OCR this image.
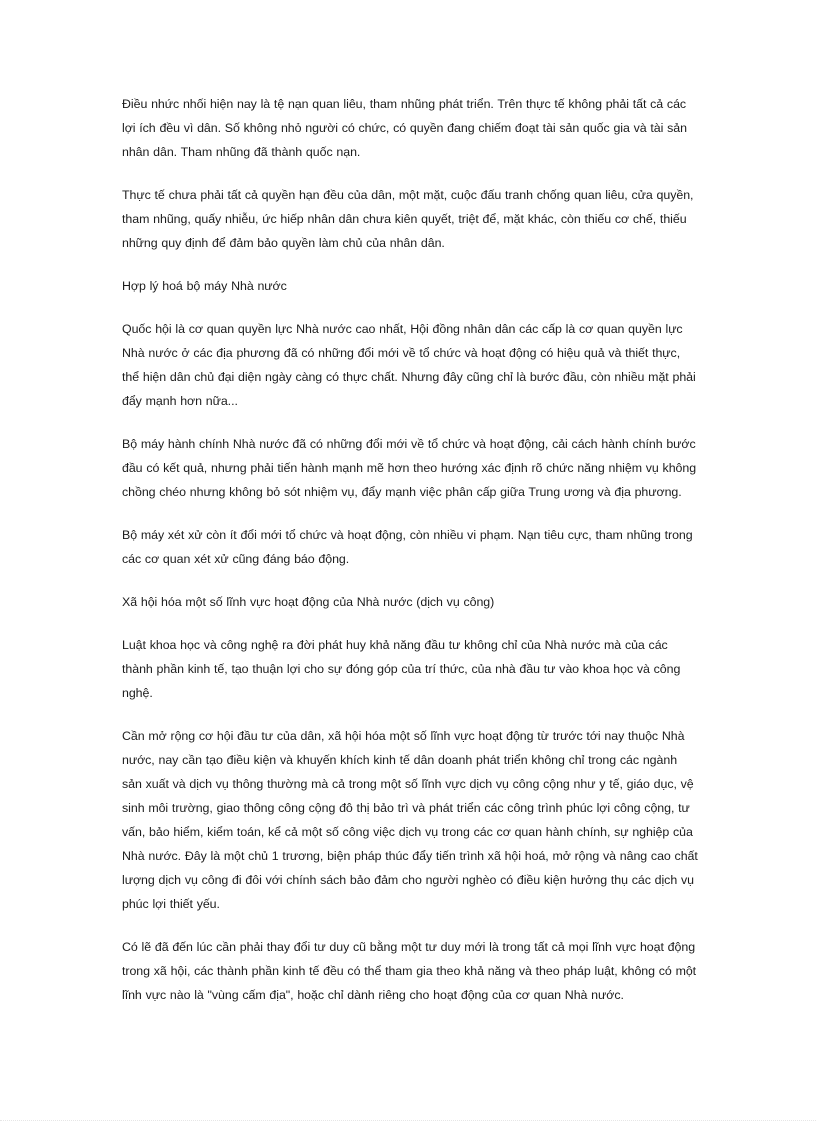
Điều nhức nhối hiện nay là tệ nạn quan liêu, tham nhũng phát triển. Trên thực tế không phải tất cả các lợi ích đều vì dân. Số không nhỏ người có chức, có quyền đang chiếm đoạt tài sản quốc gia và tài sản nhân dân. Tham nhũng đã thành quốc nạn.

Thực tế chưa phải tất cả quyền hạn đều của dân, một mặt, cuộc đấu tranh chống quan liêu, cửa quyền, tham nhũng, quấy nhiễu, ức hiếp nhân dân chưa kiên quyết, triệt để, mặt khác, còn thiếu cơ chế, thiếu những quy định để đảm bảo quyền làm chủ của nhân dân.

Hợp lý hoá bộ máy Nhà nước

Quốc hội là cơ quan quyền lực Nhà nước cao nhất, Hội đồng nhân dân các cấp là cơ quan quyền lực Nhà nước ở các địa phương đã có những đổi mới về tổ chức và hoạt động có hiệu quả và thiết thực, thể hiện dân chủ đại diện ngày càng có thực chất. Nhưng đây cũng chỉ là bước đầu, còn nhiều mặt phải đẩy mạnh hơn nữa...

Bộ máy hành chính Nhà nước đã có những đổi mới về tổ chức và hoạt động, cải cách hành chính bước đầu có kết quả, nhưng phải tiến hành mạnh mẽ hơn theo hướng xác định rõ chức năng nhiệm vụ không chồng chéo nhưng không bỏ sót nhiệm vụ, đẩy mạnh việc phân cấp giữa Trung ương và địa phương.

Bộ máy xét xử còn ít đổi mới tổ chức và hoạt động, còn nhiều vi phạm. Nạn tiêu cực, tham nhũng trong các cơ quan xét xử cũng đáng báo động.

Xã hội hóa một số lĩnh vực hoạt động của Nhà nước (dịch vụ công)

Luật khoa học và công nghệ ra đời phát huy khả năng đầu tư không chỉ của Nhà nước mà của các thành phần kinh tế, tạo thuận lợi cho sự đóng góp của trí thức, của nhà đầu tư vào khoa học và công nghệ.

Cần mở rộng cơ hội đầu tư của dân, xã hội hóa một số lĩnh vực hoạt động từ trước tới nay thuộc Nhà nước, nay cần tạo điều kiện và khuyến khích kinh tế dân doanh phát triển không chỉ trong các ngành sản xuất và dịch vụ thông thường mà cả trong một số lĩnh vực dịch vụ công cộng như y tế, giáo dục, vệ sinh môi trường, giao thông công cộng đô thị bảo trì và phát triển các công trình phúc lợi công cộng, tư vấn, bảo hiểm, kiểm toán, kể cả một số công việc dịch vụ trong các cơ quan hành chính, sự nghiệp của Nhà nước. Đây là một chủ 1 trương, biện pháp thúc đẩy tiến trình xã hội hoá, mở rộng và nâng cao chất lượng dịch vụ công đi đôi với chính sách bảo đảm cho người nghèo có điều kiện hưởng thụ các dịch vụ phúc lợi thiết yếu.

Có lẽ đã đến lúc cần phải thay đổi tư duy cũ bằng một tư duy mới là trong tất cả mọi lĩnh vực hoạt động trong xã hội, các thành phần kinh tế đều có thể tham gia theo khả năng và theo pháp luật, không có một lĩnh vực nào là "vùng cấm địa", hoặc chỉ dành riêng cho hoạt động của cơ quan Nhà nước.
